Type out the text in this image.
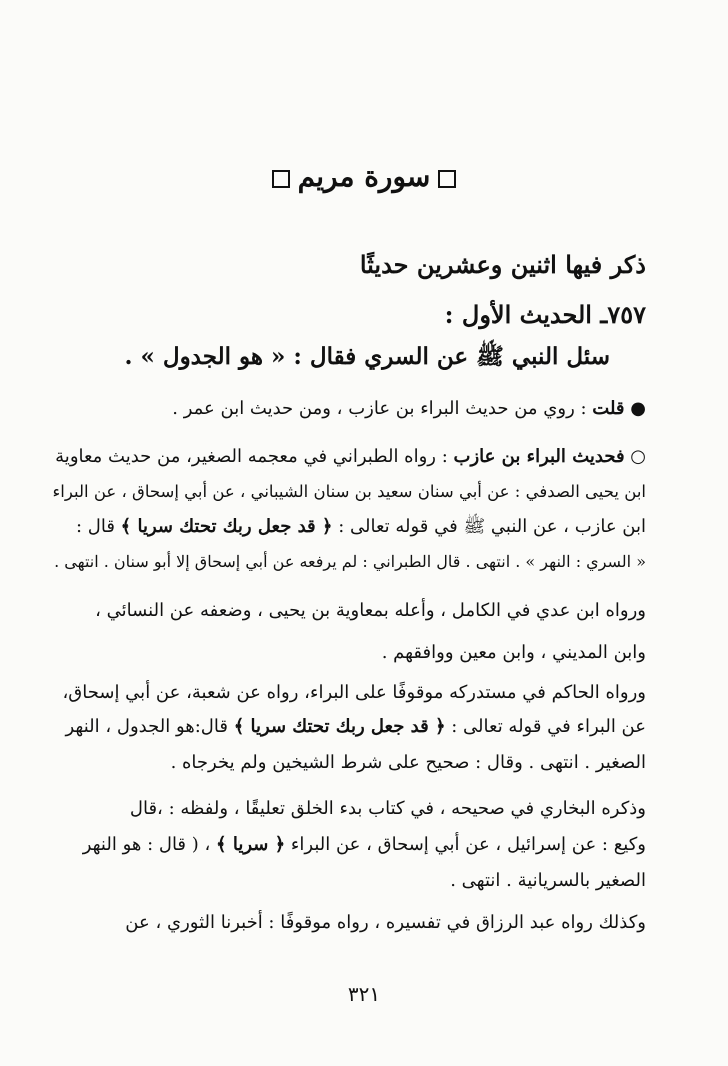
سورة مريم
ذكر فيها اثنين وعشرين حديثًا
٧٥٧ـ الحديث الأول :
سئل النبي ﷺ عن السري فقال : « هو الجدول » .
● قلت : روي من حديث البراء بن عازب ، ومن حديث ابن عمر .
○ فحديث البراء بن عازب : رواه الطبراني في معجمه الصغير، من حديث معاوية
ابن يحيى الصدفي : عن أبي سنان سعيد بن سنان الشيباني ، عن أبي إسحاق ، عن البراء
ابن عازب ، عن النبي ﷺ في قوله تعالى : ﴿ قد جعل ربك تحتك سريا ﴾ قال :
« السري : النهر » . انتهى . قال الطبراني : لم يرفعه عن أبي إسحاق إلا أبو سنان . انتهى .
ورواه ابن عدي في الكامل ، وأعله بمعاوية بن يحيى ، وضعفه عن النسائي ،
وابن المديني ، وابن معين ووافقهم .
ورواه الحاكم في مستدركه موقوفًا على البراء، رواه عن شعبة، عن أبي إسحاق،
عن البراء في قوله تعالى : ﴿ قد جعل ربك تحتك سريا ﴾ قال:هو الجدول ، النهر
الصغير . انتهى . وقال : صحيح على شرط الشيخين ولم يخرجاه .
وذكره البخاري في صحيحه ، في كتاب بدء الخلق تعليقًا ، ولفظه : ،قال
وكيع : عن إسرائيل ، عن أبي إسحاق ، عن البراء ﴿ سريا ﴾ ، ( قال : هو النهر
الصغير بالسريانية . انتهى .
وكذلك رواه عبد الرزاق في تفسيره ، رواه موقوفًا : أخبرنا الثوري ، عن
٣٢١
